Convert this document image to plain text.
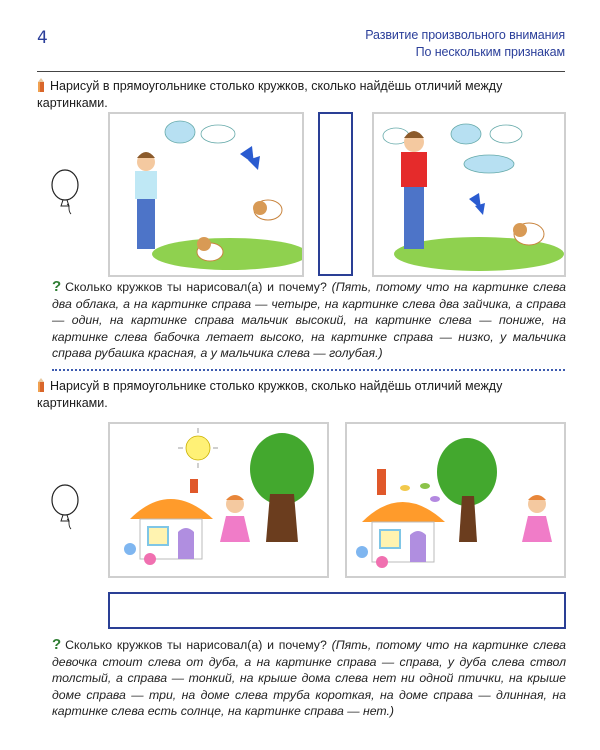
4	Развитие произвольного внимания
По нескольким признакам
Нарисуй в прямоугольнике столько кружков, сколько найдёшь отличий между картинками.
? Сколько кружков ты нарисовал(а) и почему? (Пять, потому что на картинке слева два облака, а на картинке справа — четыре, на картинке слева два зайчика, а справа — один, на картинке справа мальчик высокий, на картинке слева — пониже, на картинке слева бабочка летает высоко, на картинке справа — низко, у мальчика справа рубашка красная, а у мальчика слева — голубая.)
Нарисуй в прямоугольнике столько кружков, сколько найдёшь отличий между картинками.
? Сколько кружков ты нарисовал(а) и почему? (Пять, потому что на картинке слева девочка стоит слева от дуба, а на картинке справа — справа, у дуба слева ствол толстый, а справа — тонкий, на крыше дома слева нет ни одной птички, на крыше доме справа — три, на доме слева труба короткая, на доме справа — длинная, на картинке слева есть солнце, на картинке справа — нет.)
